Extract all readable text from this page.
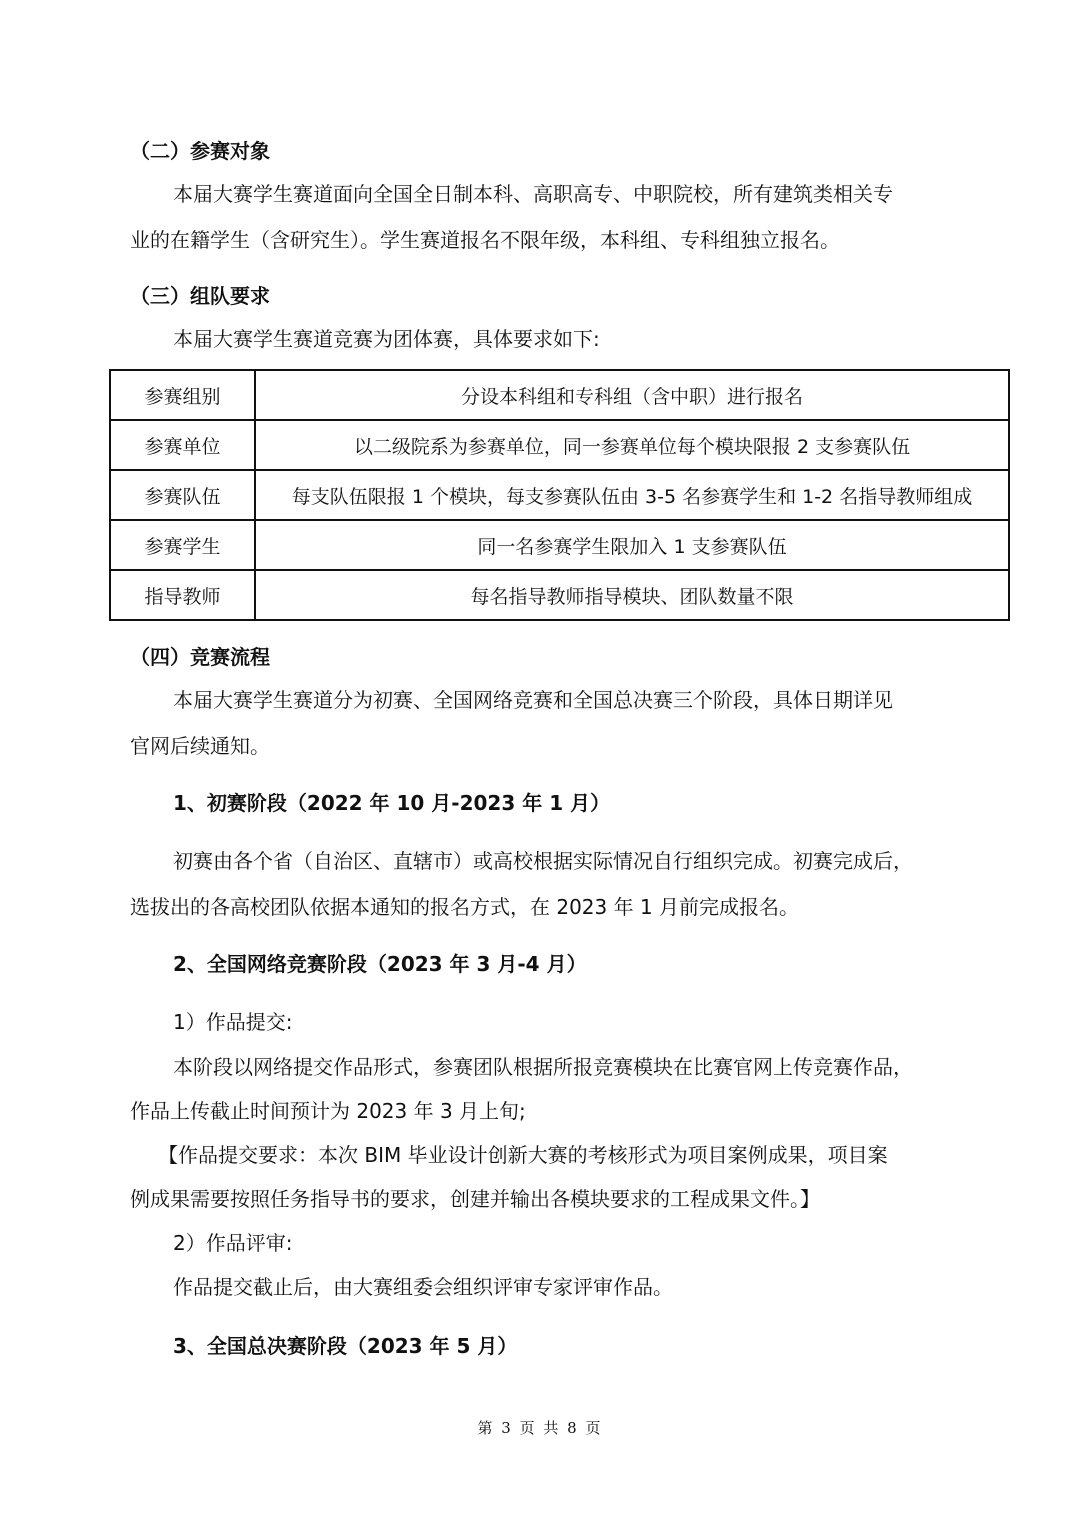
（二）参赛对象
本届大赛学生赛道面向全国全日制本科、高职高专、中职院校，所有建筑类相关专
业的在籍学生（含研究生）。学生赛道报名不限年级，本科组、专科组独立报名。
（三）组队要求
本届大赛学生赛道竞赛为团体赛，具体要求如下:
参赛组别	分设本科组和专科组（含中职）进行报名
参赛单位	以二级院系为参赛单位，同一参赛单位每个模块限报 2 支参赛队伍
参赛队伍	每支队伍限报 1 个模块，每支参赛队伍由 3-5 名参赛学生和 1-2 名指导教师组成
参赛学生	同一名参赛学生限加入 1 支参赛队伍
指导教师	每名指导教师指导模块、团队数量不限
（四）竞赛流程
本届大赛学生赛道分为初赛、全国网络竞赛和全国总决赛三个阶段，具体日期详见
官网后续通知。
1、初赛阶段（2022 年 10 月-2023 年 1 月）
初赛由各个省（自治区、直辖市）或高校根据实际情况自行组织完成。初赛完成后，
选拔出的各高校团队依据本通知的报名方式，在 2023 年 1 月前完成报名。
2、全国网络竞赛阶段（2023 年 3 月-4 月）
1）作品提交:
本阶段以网络提交作品形式，参赛团队根据所报竞赛模块在比赛官网上传竞赛作品，
作品上传截止时间预计为 2023 年 3 月上旬;
【作品提交要求：本次 BIM 毕业设计创新大赛的考核形式为项目案例成果，项目案
例成果需要按照任务指导书的要求，创建并输出各模块要求的工程成果文件。】
2）作品评审:
作品提交截止后，由大赛组委会组织评审专家评审作品。
3、全国总决赛阶段（2023 年 5 月）
第 3 页 共 8 页
